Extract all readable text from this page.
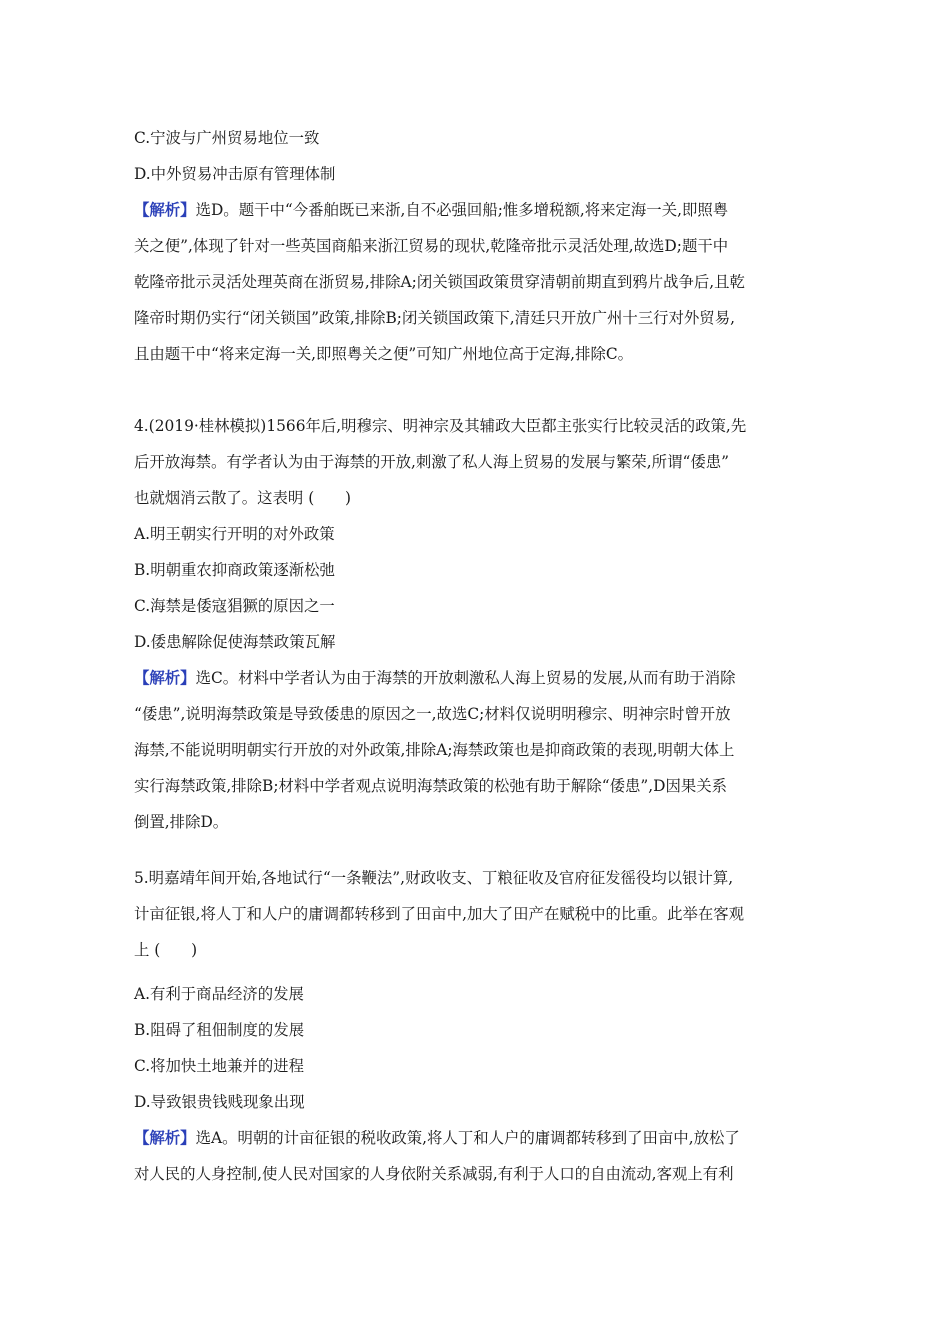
C.宁波与广州贸易地位一致
D.中外贸易冲击原有管理体制
【解析】选D。题干中“今番舶既已来浙,自不必强回船;惟多增税额,将来定海一关,即照粤
关之便”,体现了针对一些英国商船来浙江贸易的现状,乾隆帝批示灵活处理,故选D;题干中
乾隆帝批示灵活处理英商在浙贸易,排除A;闭关锁国政策贯穿清朝前期直到鸦片战争后,且乾
隆帝时期仍实行“闭关锁国”政策,排除B;闭关锁国政策下,清廷只开放广州十三行对外贸易,
且由题干中“将来定海一关,即照粤关之便”可知广州地位高于定海,排除C。
4.(2019·桂林模拟)1566年后,明穆宗、明神宗及其辅政大臣都主张实行比较灵活的政策,先
后开放海禁。有学者认为由于海禁的开放,刺激了私人海上贸易的发展与繁荣,所谓“倭患”
也就烟消云散了。这表明 (　　)
A.明王朝实行开明的对外政策
B.明朝重农抑商政策逐渐松弛
C.海禁是倭寇猖獗的原因之一
D.倭患解除促使海禁政策瓦解
【解析】选C。材料中学者认为由于海禁的开放刺激私人海上贸易的发展,从而有助于消除
“倭患”,说明海禁政策是导致倭患的原因之一,故选C;材料仅说明明穆宗、明神宗时曾开放
海禁,不能说明明朝实行开放的对外政策,排除A;海禁政策也是抑商政策的表现,明朝大体上
实行海禁政策,排除B;材料中学者观点说明海禁政策的松弛有助于解除“倭患”,D因果关系
倒置,排除D。
5.明嘉靖年间开始,各地试行“一条鞭法”,财政收支、丁粮征收及官府征发徭役均以银计算,
计亩征银,将人丁和人户的庸调都转移到了田亩中,加大了田产在赋税中的比重。此举在客观
上 (　　)
A.有利于商品经济的发展
B.阻碍了租佃制度的发展
C.将加快土地兼并的进程
D.导致银贵钱贱现象出现
【解析】选A。明朝的计亩征银的税收政策,将人丁和人户的庸调都转移到了田亩中,放松了
对人民的人身控制,使人民对国家的人身依附关系减弱,有利于人口的自由流动,客观上有利
